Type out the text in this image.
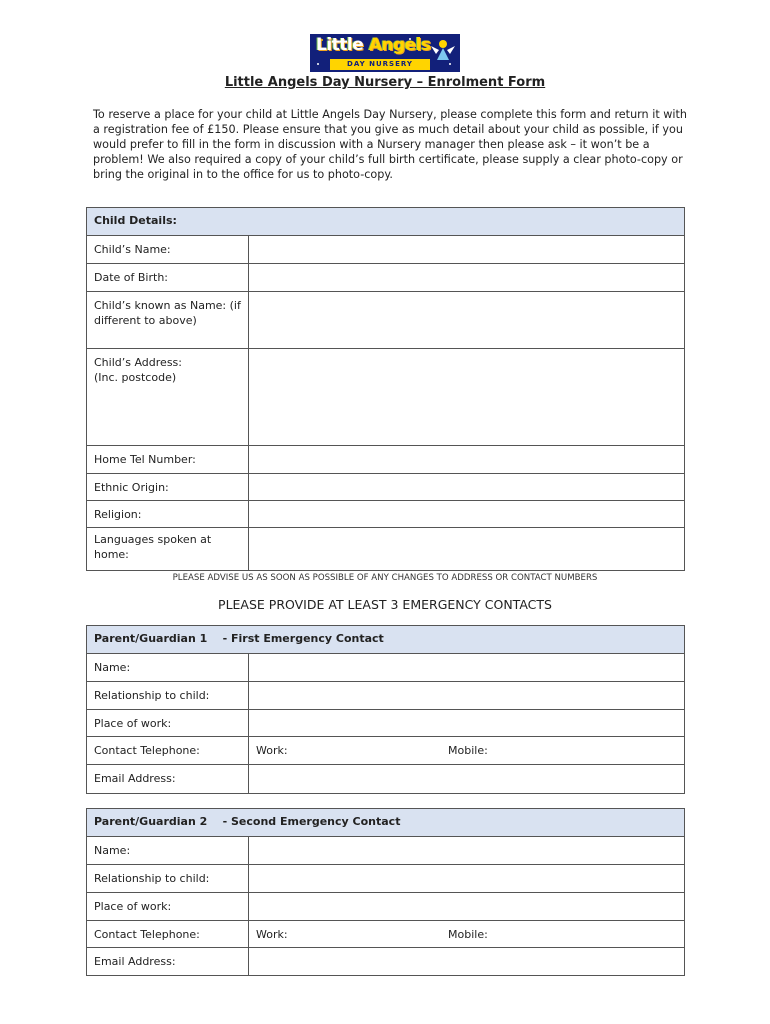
Little Angels
DAY NURSERY
Little Angels Day Nursery – Enrolment Form
To reserve a place for your child at Little Angels Day Nursery, please complete this form and return it with a registration fee of £150. Please ensure that you give as much detail about your child as possible, if you would prefer to fill in the form in discussion with a Nursery manager then please ask – it won’t be a problem! We also required a copy of your child’s full birth certificate, please supply a clear photo-copy or bring the original in to the office for us to photo-copy.
Child Details:
Child’s Name:
Date of Birth:
Child’s known as Name: (if different to above)
Child’s Address: (Inc. postcode)
Home Tel Number:
Ethnic Origin:
Religion:
Languages spoken at home:
PLEASE ADVISE US AS SOON AS POSSIBLE OF ANY CHANGES TO ADDRESS OR CONTACT NUMBERS
PLEASE PROVIDE AT LEAST 3 EMERGENCY CONTACTS
Parent/Guardian 1    - First Emergency Contact
Name:
Relationship to child:
Place of work:
Contact Telephone:	Work:	Mobile:
Email Address:
Parent/Guardian 2    - Second Emergency Contact
Name:
Relationship to child:
Place of work:
Contact Telephone:	Work:	Mobile:
Email Address:
